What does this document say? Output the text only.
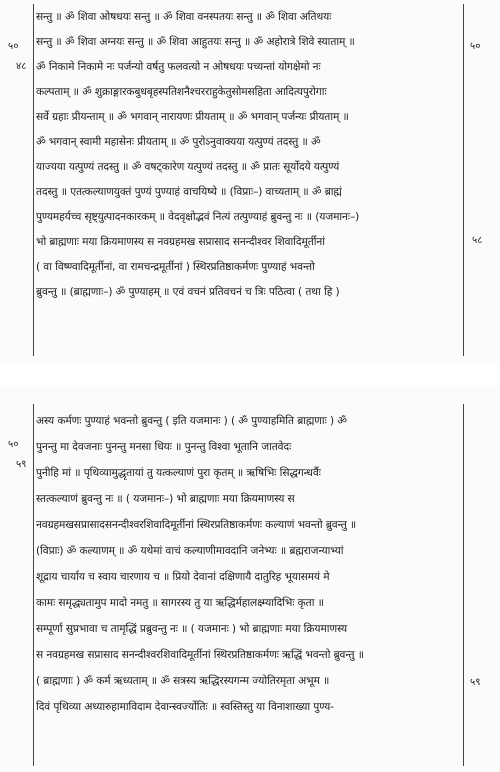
५०
४८
५०
५८
सन्तु ॥ ॐ शिवा ओषधयः सन्तु ॥ ॐ शिवा वनस्पतयः सन्तु ॥ ॐ शिवा अतिथयः
सन्तु ॥ ॐ शिवा अग्नयः सन्तु ॥ ॐ शिवा आहुतयः सन्तु ॥ ॐ अहोरात्रे शिवे स्याताम् ॥
ॐ निकामे निकामे नः पर्जन्यो वर्षतु फलवत्यो न ओषधयः पच्यन्तां योगक्षेमो नः
कल्पताम् ॥ ॐ शुक्राङ्गारकबुधबृहस्पतिशनैश्चरराहुकेतुसोमसहिता आदित्यपुरोगाः
सर्वे ग्रहाः प्रीयन्ताम् ॥ ॐ भगवान् नारायणः प्रीयताम् ॥ ॐ भगवान् पर्जन्यः प्रीयताम् ॥
ॐ भगवान् स्वामी महासेनः प्रीयताम् ॥ ॐ पुरोऽनुवाक्यया यत्पुण्यं तदस्तु ॥ ॐ
याज्यया यत्पुण्यं तदस्तु ॥ ॐ वषट्कारेण यत्पुण्यं तदस्तु ॥ ॐ प्रातः सूर्योदये यत्पुण्यं
तदस्तु ॥ एतत्कल्याणयुक्तं पुण्यं पुण्याहं वाचयिष्ये ॥ (विप्राः–) वाच्यताम् ॥ ॐ ब्राह्मं
पुण्यमहर्यच्च सृष्ट्युत्पादनकारकम् ॥ वेदवृक्षोद्भवं नित्यं तत्पुण्याहं ब्रुवन्तु नः ॥ (यजमानः–)
भो ब्राह्मणाः मया क्रियमाणस्य स नवग्रहमख सप्रासाद सनन्दीश्वर शिवादिमूर्तीनां
( वा विष्ण्वादिमूर्तीनां, वा रामचन्द्रमूर्तीनां ) स्थिरप्रतिष्ठाकर्मणः पुण्याहं भवन्तो
ब्रुवन्तु ॥ (ब्राह्मणाः–) ॐ पुण्याहम् ॥ एवं वचनं प्रतिवचनं च त्रिः पठित्वा ( तथा हि )
५०
५९
५९
अस्य कर्मणः पुण्याहं भवन्तो ब्रुवन्तु ( इति यजमानः ) ( ॐ पुण्याहमिति ब्राह्मणाः ) ॐ
पुनन्तु मा देवजनाः पुनन्तु मनसा धियः ॥ पुनन्तु विश्वा भूतानि जातवेदः
पुनीहि मां ॥ पृथिव्यामुद्धृतायां तु यत्कल्याणं पुरा कृतम् ॥ ऋषिभिः सिद्धगन्धर्वैः
स्तत्कल्याणं ब्रुवन्तु नः ॥ ( यजमानः–) भो ब्राह्मणाः मया क्रियमाणस्य स
नवग्रहमखसप्रासादसनन्दीश्वरशिवादिमूर्तीनां स्थिरप्रतिष्ठाकर्मणः कल्याणं भवन्तो ब्रुवन्तु ॥
(विप्राः) ॐ कल्याणम् ॥ ॐ यथेमां वाचं कल्याणीमावदानि जनेभ्यः ॥ ब्रह्मराजन्याभ्यां
शूद्राय चार्याय च स्वाय चारणाय च ॥ प्रियो देवानां दक्षिणायै दातुरिह भूयासमयं मे
कामः समृद्ध्यतामुप मादो नमतु ॥ सागरस्य तु या ऋद्धिर्महालक्ष्म्यादिभिः कृता ॥
सम्पूर्णा सुप्रभावा च तामृद्धिं प्रब्रुवन्तु नः ॥ ( यजमानः ) भो ब्राह्मणाः मया क्रियमाणस्य
स नवग्रहमख सप्रासाद सनन्दीश्वरशिवादिमूर्तीनां स्थिरप्रतिष्ठाकर्मणः ऋद्धिं भवन्तो ब्रुवन्तु ॥
( ब्राह्मणाः ) ॐ कर्म ऋध्यताम् ॥ ॐ सत्रस्य ऋद्धिरस्यगन्म ज्योतिरमृता अभूम ॥
दिवं पृथिव्या अध्यारुहामाविदाम देवान्स्वर्ज्योतिः ॥ स्वस्तिस्तु या विनाशाख्या पुण्य-
